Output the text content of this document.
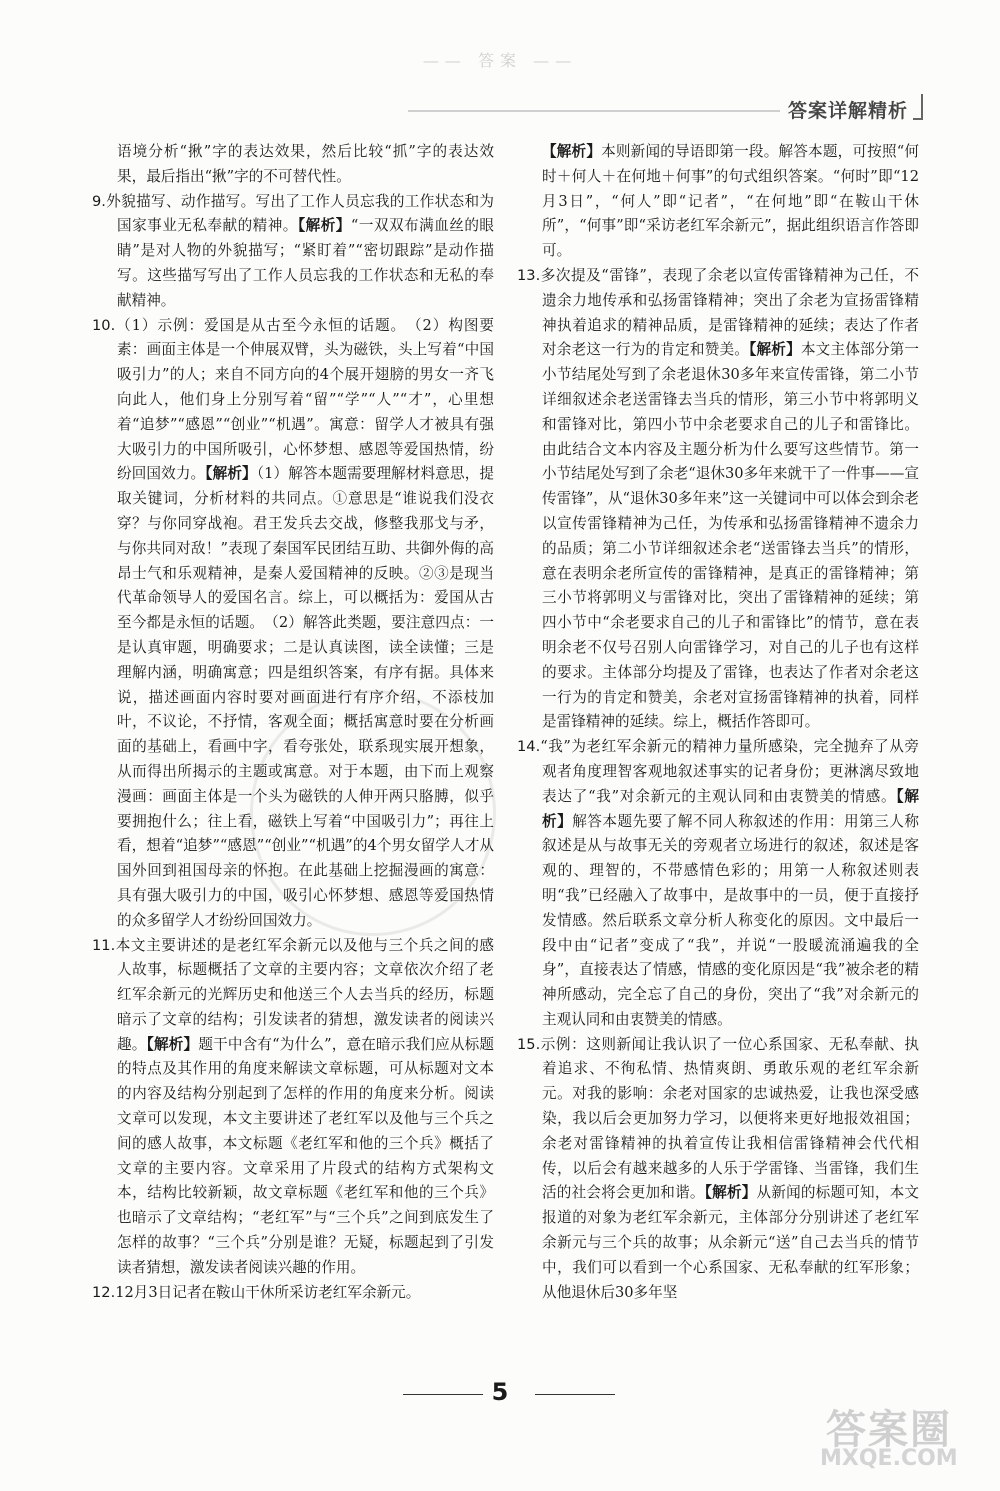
—— 答案 ——
答案详解精析

语境分析“揪”字的表达效果，然后比较“抓”字的表达效果，最后指出“揪”字的不可替代性。

9.外貌描写、动作描写。写出了工作人员忘我的工作状态和为国家事业无私奉献的精神。【解析】“一双双布满血丝的眼睛”是对人物的外貌描写；“紧盯着”“密切跟踪”是动作描写。这些描写写出了工作人员忘我的工作状态和无私的奉献精神。

10.（1）示例：爱国是从古至今永恒的话题。　（2）构图要素：画面主体是一个伸展双臂，头为磁铁，头上写着“中国吸引力”的人；来自不同方向的4个展开翅膀的男女一齐飞向此人，他们身上分别写着“留”“学”“人”“才”，心里想着“追梦”“感恩”“创业”“机遇”。寓意：留学人才被具有强大吸引力的中国所吸引，心怀梦想、感恩等爱国热情，纷纷回国效力。【解析】（1）解答本题需要理解材料意思，提取关键词，分析材料的共同点。①意思是“谁说我们没衣穿？与你同穿战袍。君王发兵去交战，修整我那戈与矛，与你共同对敌！”表现了秦国军民团结互助、共御外侮的高昂士气和乐观精神，是秦人爱国精神的反映。②③是现当代革命领导人的爱国名言。综上，可以概括为：爱国从古至今都是永恒的话题。　（2）解答此类题，要注意四点：一是认真审题，明确要求；二是认真读图，读全读懂；三是理解内涵，明确寓意；四是组织答案，有序有据。具体来说，描述画面内容时要对画面进行有序介绍，不添枝加叶，不议论，不抒情，客观全面；概括寓意时要在分析画面的基础上，看画中字，看夸张处，联系现实展开想象，从而得出所揭示的主题或寓意。对于本题，由下而上观察漫画：画面主体是一个头为磁铁的人伸开两只胳膊，似乎要拥抱什么；往上看，磁铁上写着“中国吸引力”；再往上看，想着“追梦”“感恩”“创业”“机遇”的4个男女留学人才从国外回到祖国母亲的怀抱。在此基础上挖掘漫画的寓意：具有强大吸引力的中国，吸引心怀梦想、感恩等爱国热情的众多留学人才纷纷回国效力。

11.本文主要讲述的是老红军余新元以及他与三个兵之间的感人故事，标题概括了文章的主要内容；文章依次介绍了老红军余新元的光辉历史和他送三个人去当兵的经历，标题暗示了文章的结构；引发读者的猜想，激发读者的阅读兴趣。【解析】题干中含有“为什么”，意在暗示我们应从标题的特点及其作用的角度来解读文章标题，可从标题对文本的内容及结构分别起到了怎样的作用的角度来分析。阅读文章可以发现，本文主要讲述了老红军以及他与三个兵之间的感人故事，本文标题《老红军和他的三个兵》概括了文章的主要内容。文章采用了片段式的结构方式架构文本，结构比较新颖，故文章标题《老红军和他的三个兵》也暗示了文章结构；“老红军”与“三个兵”之间到底发生了怎样的故事？“三个兵”分别是谁？无疑，标题起到了引发读者猜想，激发读者阅读兴趣的作用。

12.12月3日记者在鞍山干休所采访老红军余新元。

【解析】本则新闻的导语即第一段。解答本题，可按照“何时＋何人＋在何地＋何事”的句式组织答案。“何时”即“12月3日”，“何人”即“记者”，“在何地”即“在鞍山干休所”，“何事”即“采访老红军余新元”，据此组织语言作答即可。

13.多次提及“雷锋”，表现了余老以宣传雷锋精神为己任，不遗余力地传承和弘扬雷锋精神；突出了余老为宣扬雷锋精神执着追求的精神品质，是雷锋精神的延续；表达了作者对余老这一行为的肯定和赞美。【解析】本文主体部分第一小节结尾处写到了余老退休30多年来宣传雷锋，第二小节详细叙述余老送雷锋去当兵的情形，第三小节中将郭明义和雷锋对比，第四小节中余老要求自己的儿子和雷锋比。由此结合文本内容及主题分析为什么要写这些情节。第一小节结尾处写到了余老“退休30多年来就干了一件事——宣传雷锋”，从“退休30多年来”这一关键词中可以体会到余老以宣传雷锋精神为己任，为传承和弘扬雷锋精神不遗余力的品质；第二小节详细叙述余老“送雷锋去当兵”的情形，意在表明余老所宣传的雷锋精神，是真正的雷锋精神；第三小节将郭明义与雷锋对比，突出了雷锋精神的延续；第四小节中“余老要求自己的儿子和雷锋比”的情节，意在表明余老不仅号召别人向雷锋学习，对自己的儿子也有这样的要求。主体部分均提及了雷锋，也表达了作者对余老这一行为的肯定和赞美，余老对宣扬雷锋精神的执着，同样是雷锋精神的延续。综上，概括作答即可。

14.“我”为老红军余新元的精神力量所感染，完全抛弃了从旁观者角度理智客观地叙述事实的记者身份；更淋漓尽致地表达了“我”对余新元的主观认同和由衷赞美的情感。【解析】解答本题先要了解不同人称叙述的作用：用第三人称叙述是从与故事无关的旁观者立场进行的叙述，叙述是客观的、理智的，不带感情色彩的；用第一人称叙述则表明“我”已经融入了故事中，是故事中的一员，便于直接抒发情感。然后联系文章分析人称变化的原因。文中最后一段中由“记者”变成了“我”，并说“一股暖流涌遍我的全身”，直接表达了情感，情感的变化原因是“我”被余老的精神所感动，完全忘了自己的身份，突出了“我”对余新元的主观认同和由衷赞美的情感。

15.示例：这则新闻让我认识了一位心系国家、无私奉献、执着追求、不徇私情、热情爽朗、勇敢乐观的老红军余新元。对我的影响：余老对国家的忠诚热爱，让我也深受感染，我以后会更加努力学习，以便将来更好地报效祖国；余老对雷锋精神的执着宣传让我相信雷锋精神会代代相传，以后会有越来越多的人乐于学雷锋、当雷锋，我们生活的社会将会更加和谐。【解析】从新闻的标题可知，本文报道的对象为老红军余新元，主体部分分别讲述了老红军余新元与三个兵的故事；从余新元“送”自己去当兵的情节中，我们可以看到一个心系国家、无私奉献的红军形象；从他退休后30多年坚

5
答案圈
MXQE.COM
